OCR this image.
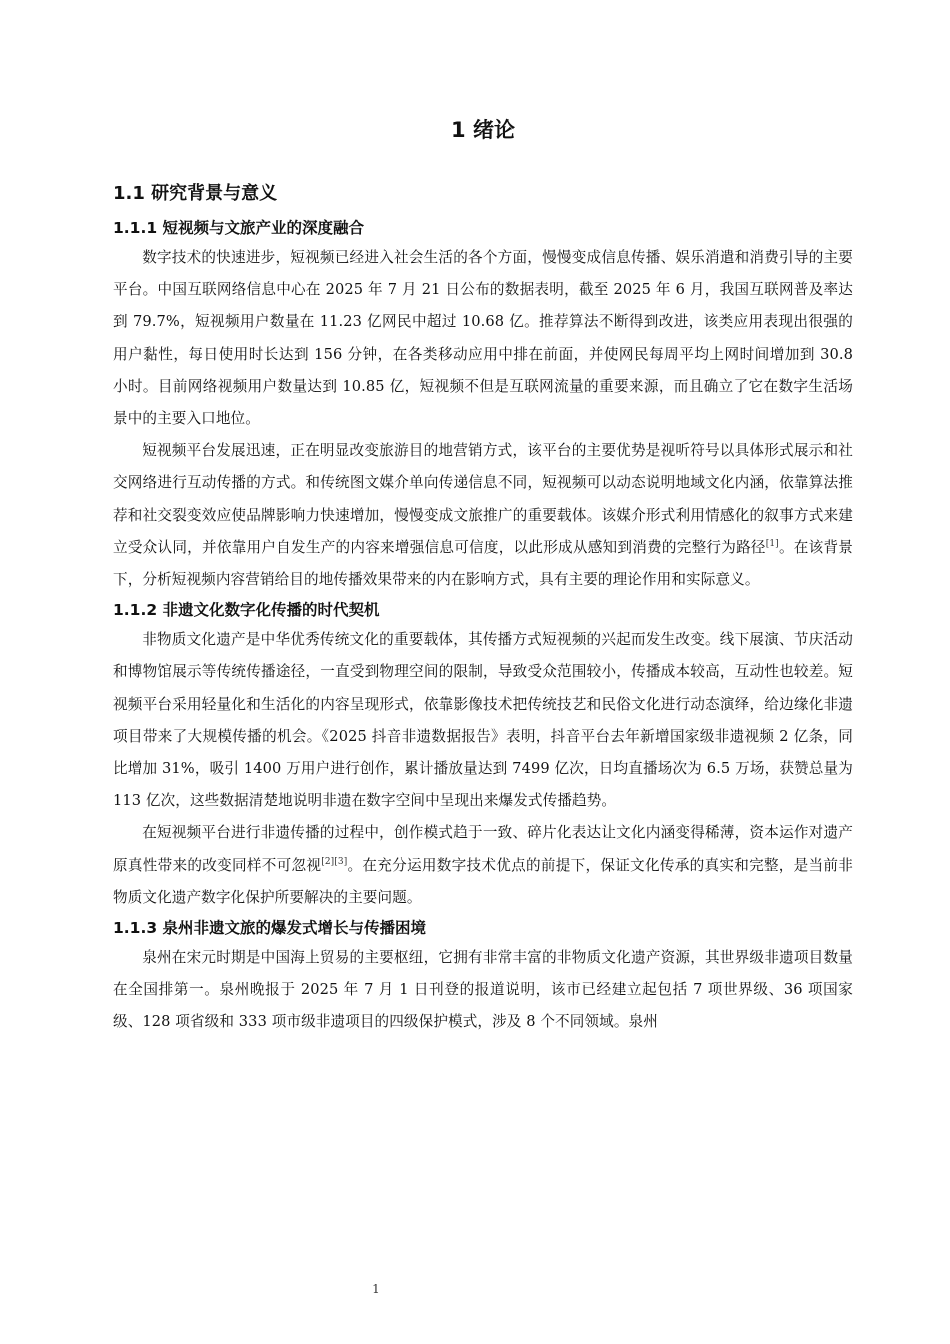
1 绪论
1.1 研究背景与意义
1.1.1 短视频与文旅产业的深度融合

数字技术的快速进步，短视频已经进入社会生活的各个方面，慢慢变成信息传播、娱乐消遣和消费引导的主要平台。中国互联网络信息中心在 2025 年 7 月 21 日公布的数据表明，截至 2025 年 6 月，我国互联网普及率达到 79.7%，短视频用户数量在 11.23 亿网民中超过 10.68 亿。推荐算法不断得到改进，该类应用表现出很强的用户黏性，每日使用时长达到 156 分钟，在各类移动应用中排在前面，并使网民每周平均上网时间增加到 30.8 小时。目前网络视频用户数量达到 10.85 亿，短视频不但是互联网流量的重要来源，而且确立了它在数字生活场景中的主要入口地位。

短视频平台发展迅速，正在明显改变旅游目的地营销方式，该平台的主要优势是视听符号以具体形式展示和社交网络进行互动传播的方式。和传统图文媒介单向传递信息不同，短视频可以动态说明地域文化内涵，依靠算法推荐和社交裂变效应使品牌影响力快速增加，慢慢变成文旅推广的重要载体。该媒介形式利用情感化的叙事方式来建立受众认同，并依靠用户自发生产的内容来增强信息可信度，以此形成从感知到消费的完整行为路径[1]。在该背景下，分析短视频内容营销给目的地传播效果带来的内在影响方式，具有主要的理论作用和实际意义。

1.1.2 非遗文化数字化传播的时代契机

非物质文化遗产是中华优秀传统文化的重要载体，其传播方式短视频的兴起而发生改变。线下展演、节庆活动和博物馆展示等传统传播途径，一直受到物理空间的限制，导致受众范围较小，传播成本较高，互动性也较差。短视频平台采用轻量化和生活化的内容呈现形式，依靠影像技术把传统技艺和民俗文化进行动态演绎，给边缘化非遗项目带来了大规模传播的机会。《2025 抖音非遗数据报告》表明，抖音平台去年新增国家级非遗视频 2 亿条，同比增加 31%，吸引 1400 万用户进行创作，累计播放量达到 7499 亿次，日均直播场次为 6.5 万场，获赞总量为 113 亿次，这些数据清楚地说明非遗在数字空间中呈现出来爆发式传播趋势。

在短视频平台进行非遗传播的过程中，创作模式趋于一致、碎片化表达让文化内涵变得稀薄，资本运作对遗产原真性带来的改变同样不可忽视[2][3]。在充分运用数字技术优点的前提下，保证文化传承的真实和完整，是当前非物质文化遗产数字化保护所要解决的主要问题。

1.1.3 泉州非遗文旅的爆发式增长与传播困境

泉州在宋元时期是中国海上贸易的主要枢纽，它拥有非常丰富的非物质文化遗产资源，其世界级非遗项目数量在全国排第一。泉州晚报于 2025 年 7 月 1 日刊登的报道说明，该市已经建立起包括 7 项世界级、36 项国家级、128 项省级和 333 项市级非遗项目的四级保护模式，涉及 8 个不同领域。泉州

1
